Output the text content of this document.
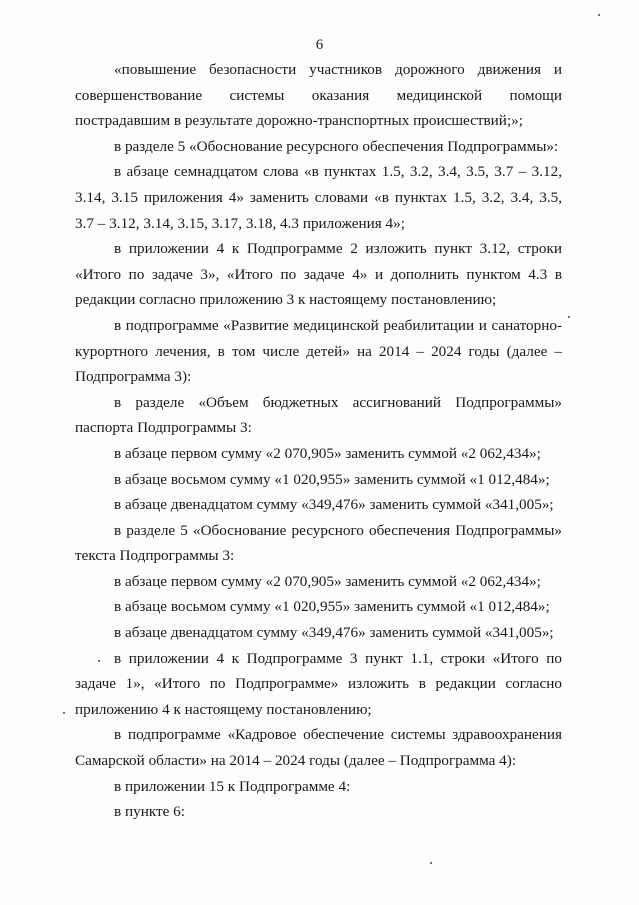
6
«повышение безопасности участников дорожного движения и
совершенствование системы оказания медицинской помощи
пострадавшим в результате дорожно-транспортных происшествий;»;
в разделе 5 «Обоснование ресурсного обеспечения Подпрограммы»:
в абзаце семнадцатом слова «в пунктах 1.5, 3.2, 3.4, 3.5, 3.7 – 3.12,
3.14, 3.15 приложения 4» заменить словами «в пунктах 1.5, 3.2, 3.4, 3.5,
3.7 – 3.12, 3.14, 3.15, 3.17, 3.18, 4.3 приложения 4»;
в приложении 4 к Подпрограмме 2 изложить пункт 3.12, строки
«Итого по задаче 3», «Итого по задаче 4» и дополнить пунктом 4.3 в
редакции согласно приложению 3 к настоящему постановлению;
в подпрограмме «Развитие медицинской реабилитации и санаторно-
курортного лечения, в том числе детей» на 2014 – 2024 годы (далее –
Подпрограмма 3):
в разделе «Объем бюджетных ассигнований Подпрограммы»
паспорта Подпрограммы 3:
в абзаце первом сумму «2 070,905» заменить суммой «2 062,434»;
в абзаце восьмом сумму «1 020,955» заменить суммой «1 012,484»;
в абзаце двенадцатом сумму «349,476» заменить суммой «341,005»;
в разделе 5 «Обоснование ресурсного обеспечения Подпрограммы»
текста Подпрограммы 3:
в абзаце первом сумму «2 070,905» заменить суммой «2 062,434»;
в абзаце восьмом сумму «1 020,955» заменить суммой «1 012,484»;
в абзаце двенадцатом сумму «349,476» заменить суммой «341,005»;
в приложении 4 к Подпрограмме 3 пункт 1.1, строки «Итого по
задаче 1», «Итого по Подпрограмме» изложить в редакции согласно
приложению 4 к настоящему постановлению;
в подпрограмме «Кадровое обеспечение системы здравоохранения
Самарской области» на 2014 – 2024 годы (далее – Подпрограмма 4):
в приложении 15 к Подпрограмме 4:
в пункте 6:
